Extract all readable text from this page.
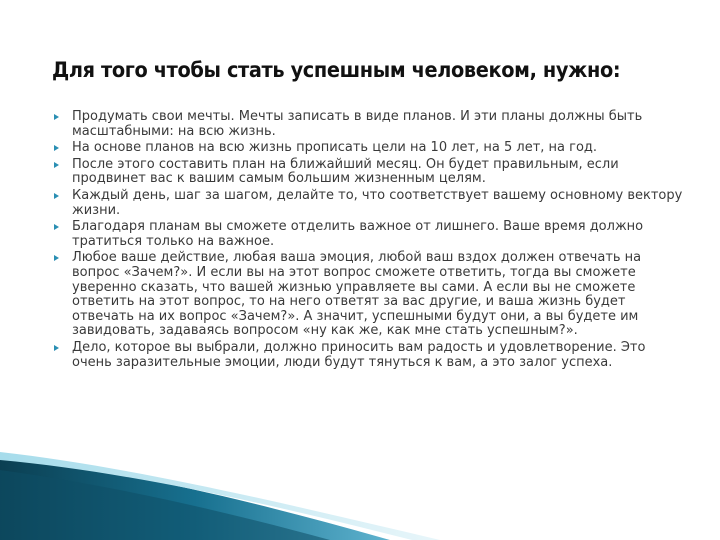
Для того чтобы стать успешным человеком, нужно:
Продумать свои мечты. Мечты записать в виде планов. И эти планы должны быть масштабными: на всю жизнь.
На основе планов на всю жизнь прописать цели на 10 лет, на 5 лет, на год.
После этого составить план на ближайший месяц. Он будет правильным, если продвинет вас к вашим самым большим жизненным целям.
Каждый день, шаг за шагом, делайте то, что соответствует вашему основному вектору жизни.
Благодаря планам вы сможете отделить важное от лишнего. Ваше время должно тратиться только на важное.
Любое ваше действие, любая ваша эмоция, любой ваш вздох должен отвечать на вопрос «Зачем?». И если вы на этот вопрос сможете ответить, тогда вы сможете уверенно сказать, что вашей жизнью управляете вы сами. А если вы не сможете ответить на этот вопрос, то на него ответят за вас другие, и ваша жизнь будет отвечать на их вопрос «Зачем?». А значит, успешными будут они, а вы будете им завидовать, задаваясь вопросом «ну как же, как мне стать успешным?».
Дело, которое вы выбрали, должно приносить вам радость и удовлетворение. Это очень заразительные эмоции, люди будут тянуться к вам, а это залог успеха.
